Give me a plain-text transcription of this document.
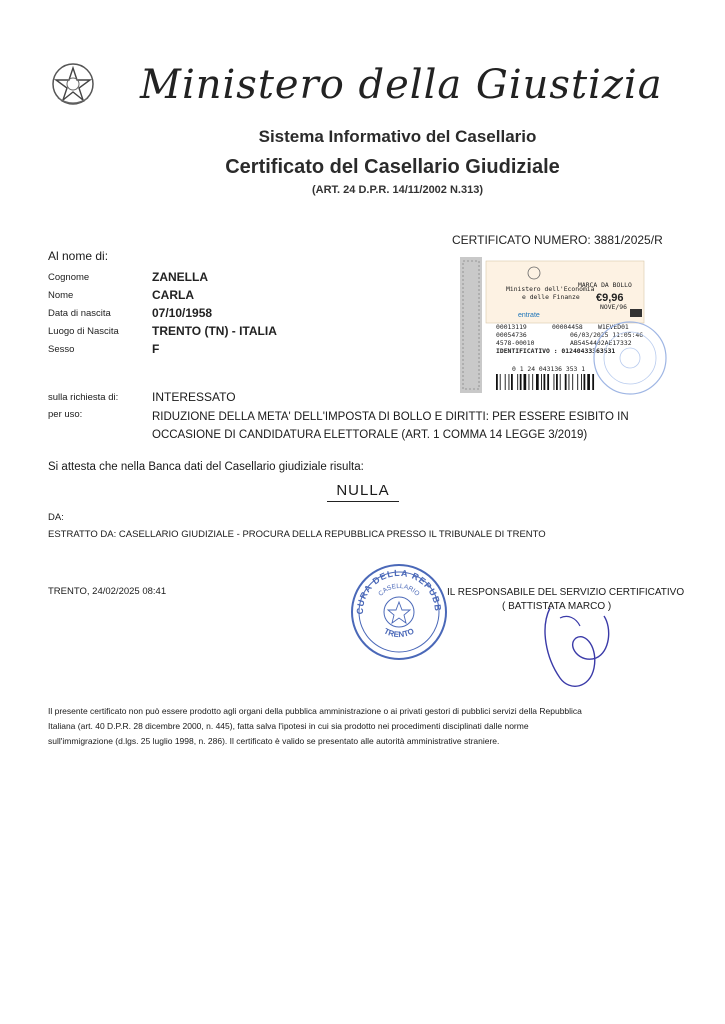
Ministero della Giustizia
Sistema Informativo del Casellario
Certificato del Casellario Giudiziale
(ART. 24 D.P.R. 14/11/2002 N.313)
CERTIFICATO NUMERO: 3881/2025/R
Al nome di:
Cognome	ZANELLA
Nome	CARLA
Data di nascita	07/10/1958
Luogo di Nascita	TRENTO (TN) - ITALIA
Sesso	F
Ministero dell'Economia
e delle Finanze
MARCA DA BOLLO
€9,96
NOVE/96
entrate
00013119	00004458 W1EVED01
00054736	06/03/2025 11:05:46
4578-00010	AB5454402AE17332
IDENTIFICATIVO : 01240433363531
0 1 24 043136 353 1
sulla richiesta di:	INTERESSATO
per uso:	RIDUZIONE DELLA META' DELL'IMPOSTA DI BOLLO E DIRITTI: PER ESSERE ESIBITO IN
OCCASIONE DI CANDIDATURA ELETTORALE (ART. 1 COMMA 14 LEGGE 3/2019)
Si attesta che nella Banca dati del Casellario giudiziale risulta:
NULLA
DA:
ESTRATTO DA: CASELLARIO GIUDIZIALE - PROCURA DELLA REPUBBLICA PRESSO IL TRIBUNALE DI TRENTO
TRENTO, 24/02/2025 08:41
CURA DELLA REPUBB
CASELLARIO
TRENTO
IL RESPONSABILE DEL SERVIZIO CERTIFICATIVO
( BATTISTATA MARCO )
Il presente certificato non può essere prodotto agli organi della pubblica amministrazione o ai privati gestori di pubblici servizi della Repubblica
Italiana (art. 40 D.P.R. 28 dicembre 2000, n. 445), fatta salva l'ipotesi in cui sia prodotto nei procedimenti disciplinati dalle norme
sull'immigrazione (d.lgs. 25 luglio 1998, n. 286). Il certificato è valido se presentato alle autorità amministrative straniere.
